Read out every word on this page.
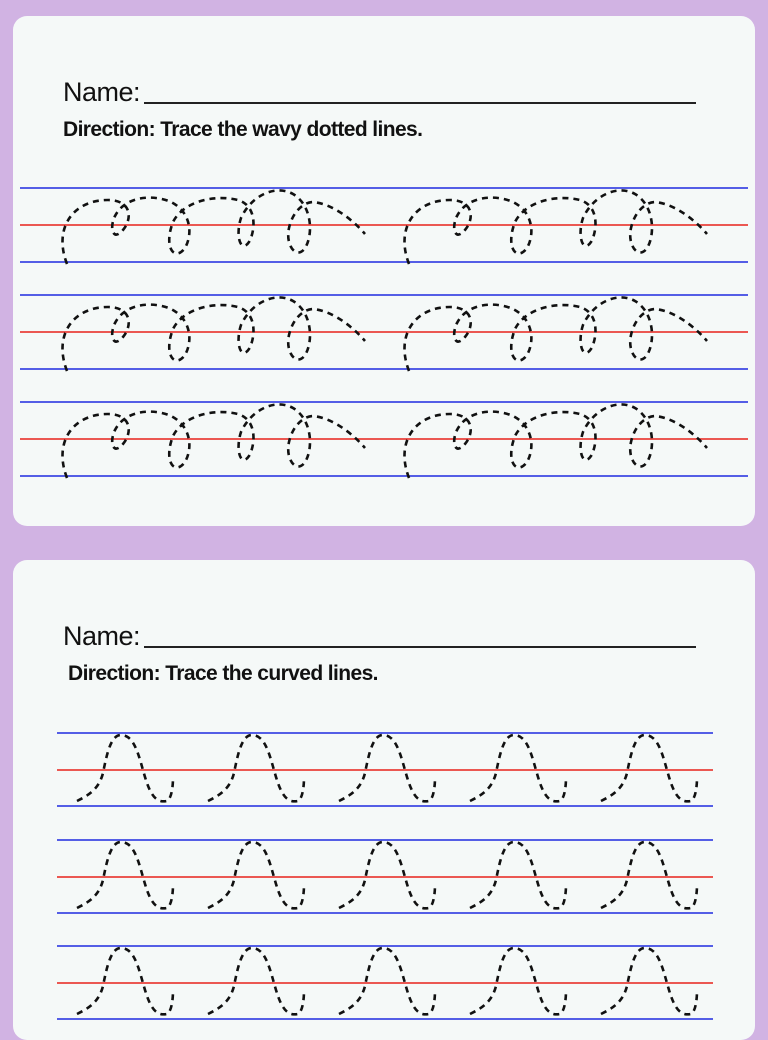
Name:

Direction: Trace the wavy dotted lines.

Name:

Direction: Trace the curved lines.
